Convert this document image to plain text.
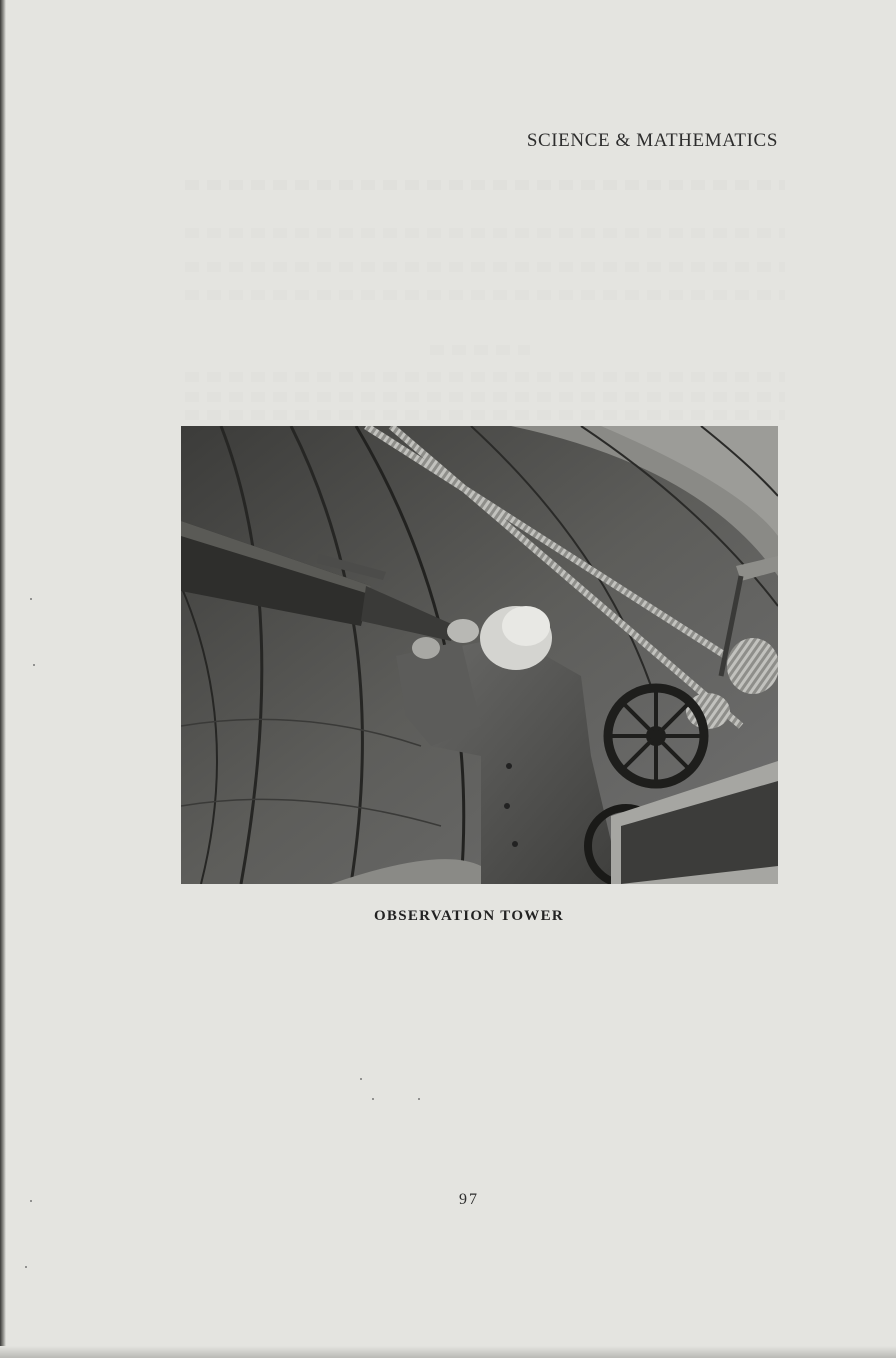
SCIENCE & MATHEMATICS
OBSERVATION TOWER
97
